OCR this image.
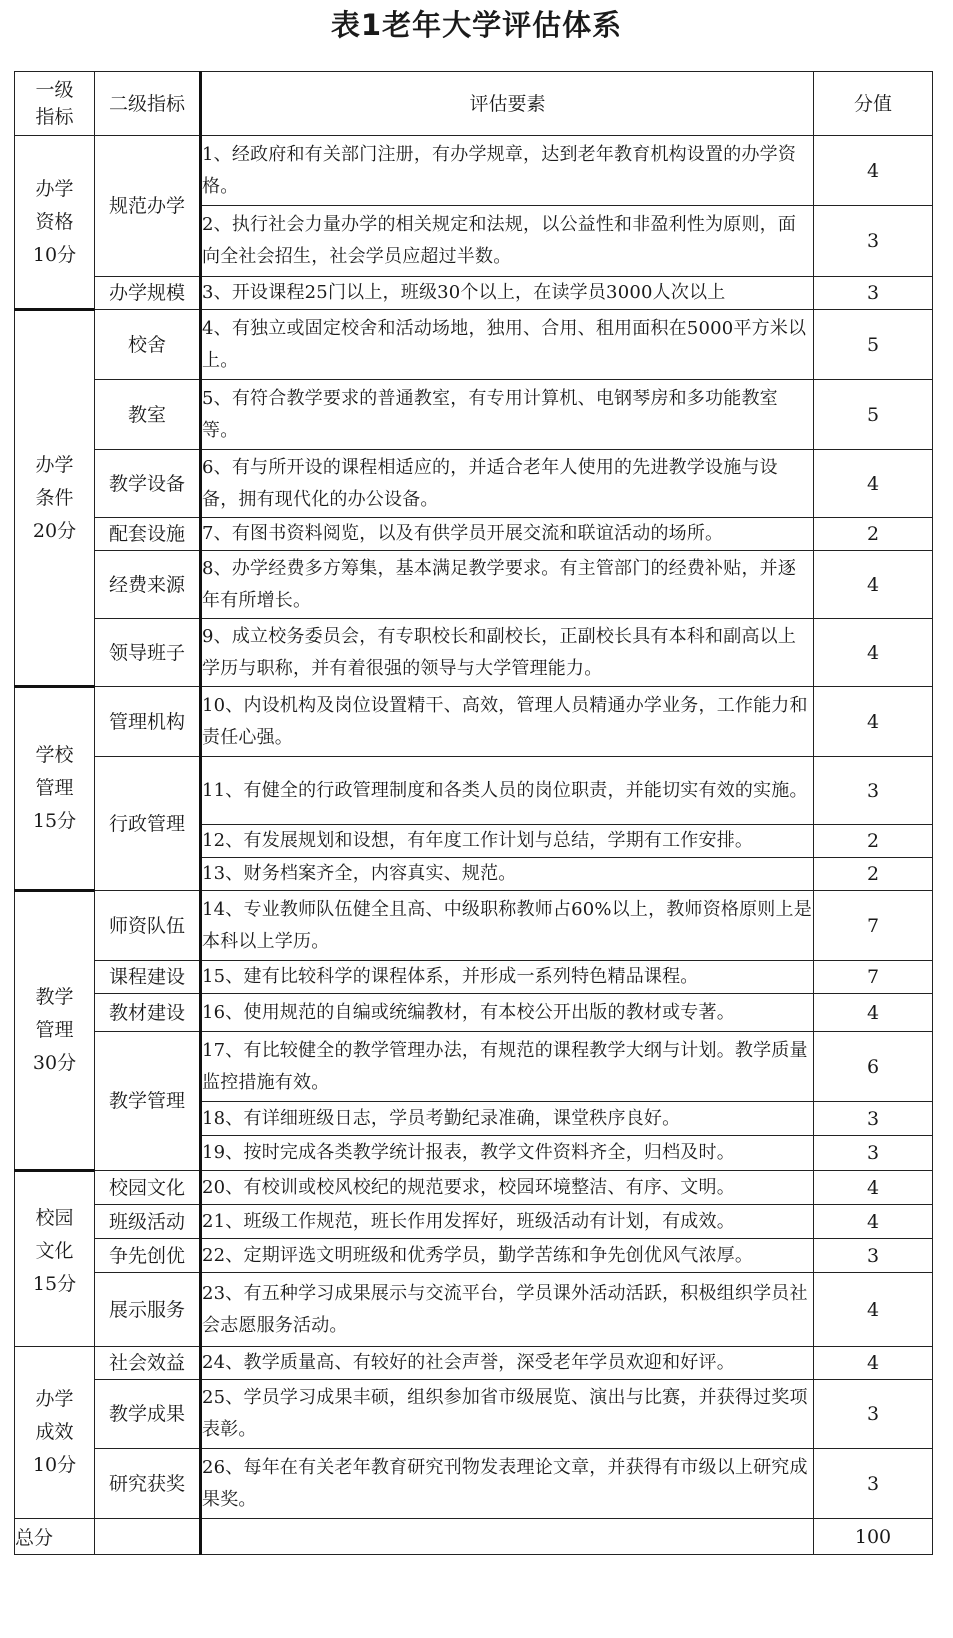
表1老年大学评估体系
一级指标	二级指标	评估要素	分值
办学资格10分	规范办学	1、经政府和有关部门注册，有办学规章，达到老年教育机构设置的办学资格。	4
		2、执行社会力量办学的相关规定和法规，以公益性和非盈利性为原则，面向全社会招生，社会学员应超过半数。	3
	办学规模	3、开设课程25门以上，班级30个以上，在读学员3000人次以上	3
办学条件20分	校舍	4、有独立或固定校舍和活动场地，独用、合用、租用面积在5000平方米以上。	5
	教室	5、有符合教学要求的普通教室，有专用计算机、电钢琴房和多功能教室等。	5
	教学设备	6、有与所开设的课程相适应的，并适合老年人使用的先进教学设施与设备，拥有现代化的办公设备。	4
	配套设施	7、有图书资料阅览，以及有供学员开展交流和联谊活动的场所。	2
	经费来源	8、办学经费多方筹集，基本满足教学要求。有主管部门的经费补贴，并逐年有所增长。	4
	领导班子	9、成立校务委员会，有专职校长和副校长，正副校长具有本科和副高以上学历与职称，并有着很强的领导与大学管理能力。	4
学校管理15分	管理机构	10、内设机构及岗位设置精干、高效，管理人员精通办学业务，工作能力和责任心强。	4
	行政管理	11、有健全的行政管理制度和各类人员的岗位职责，并能切实有效的实施。	3
		12、有发展规划和设想，有年度工作计划与总结，学期有工作安排。	2
		13、财务档案齐全，内容真实、规范。	2
教学管理30分	师资队伍	14、专业教师队伍健全且高、中级职称教师占60%以上，教师资格原则上是本科以上学历。	7
	课程建设	15、建有比较科学的课程体系，并形成一系列特色精品课程。	7
	教材建设	16、使用规范的自编或统编教材，有本校公开出版的教材或专著。	4
	教学管理	17、有比较健全的教学管理办法，有规范的课程教学大纲与计划。教学质量监控措施有效。	6
		18、有详细班级日志，学员考勤纪录准确，课堂秩序良好。	3
		19、按时完成各类教学统计报表，教学文件资料齐全，归档及时。	3
校园文化15分	校园文化	20、有校训或校风校纪的规范要求，校园环境整洁、有序、文明。	4
	班级活动	21、班级工作规范，班长作用发挥好，班级活动有计划，有成效。	4
	争先创优	22、定期评选文明班级和优秀学员，勤学苦练和争先创优风气浓厚。	3
	展示服务	23、有五种学习成果展示与交流平台，学员课外活动活跃，积极组织学员社会志愿服务活动。	4
办学成效10分	社会效益	24、教学质量高、有较好的社会声誉，深受老年学员欢迎和好评。	4
	教学成果	25、学员学习成果丰硕，组织参加省市级展览、演出与比赛，并获得过奖项表彰。	3
	研究获奖	26、每年在有关老年教育研究刊物发表理论文章，并获得有市级以上研究成果奖。	3
总分			100
